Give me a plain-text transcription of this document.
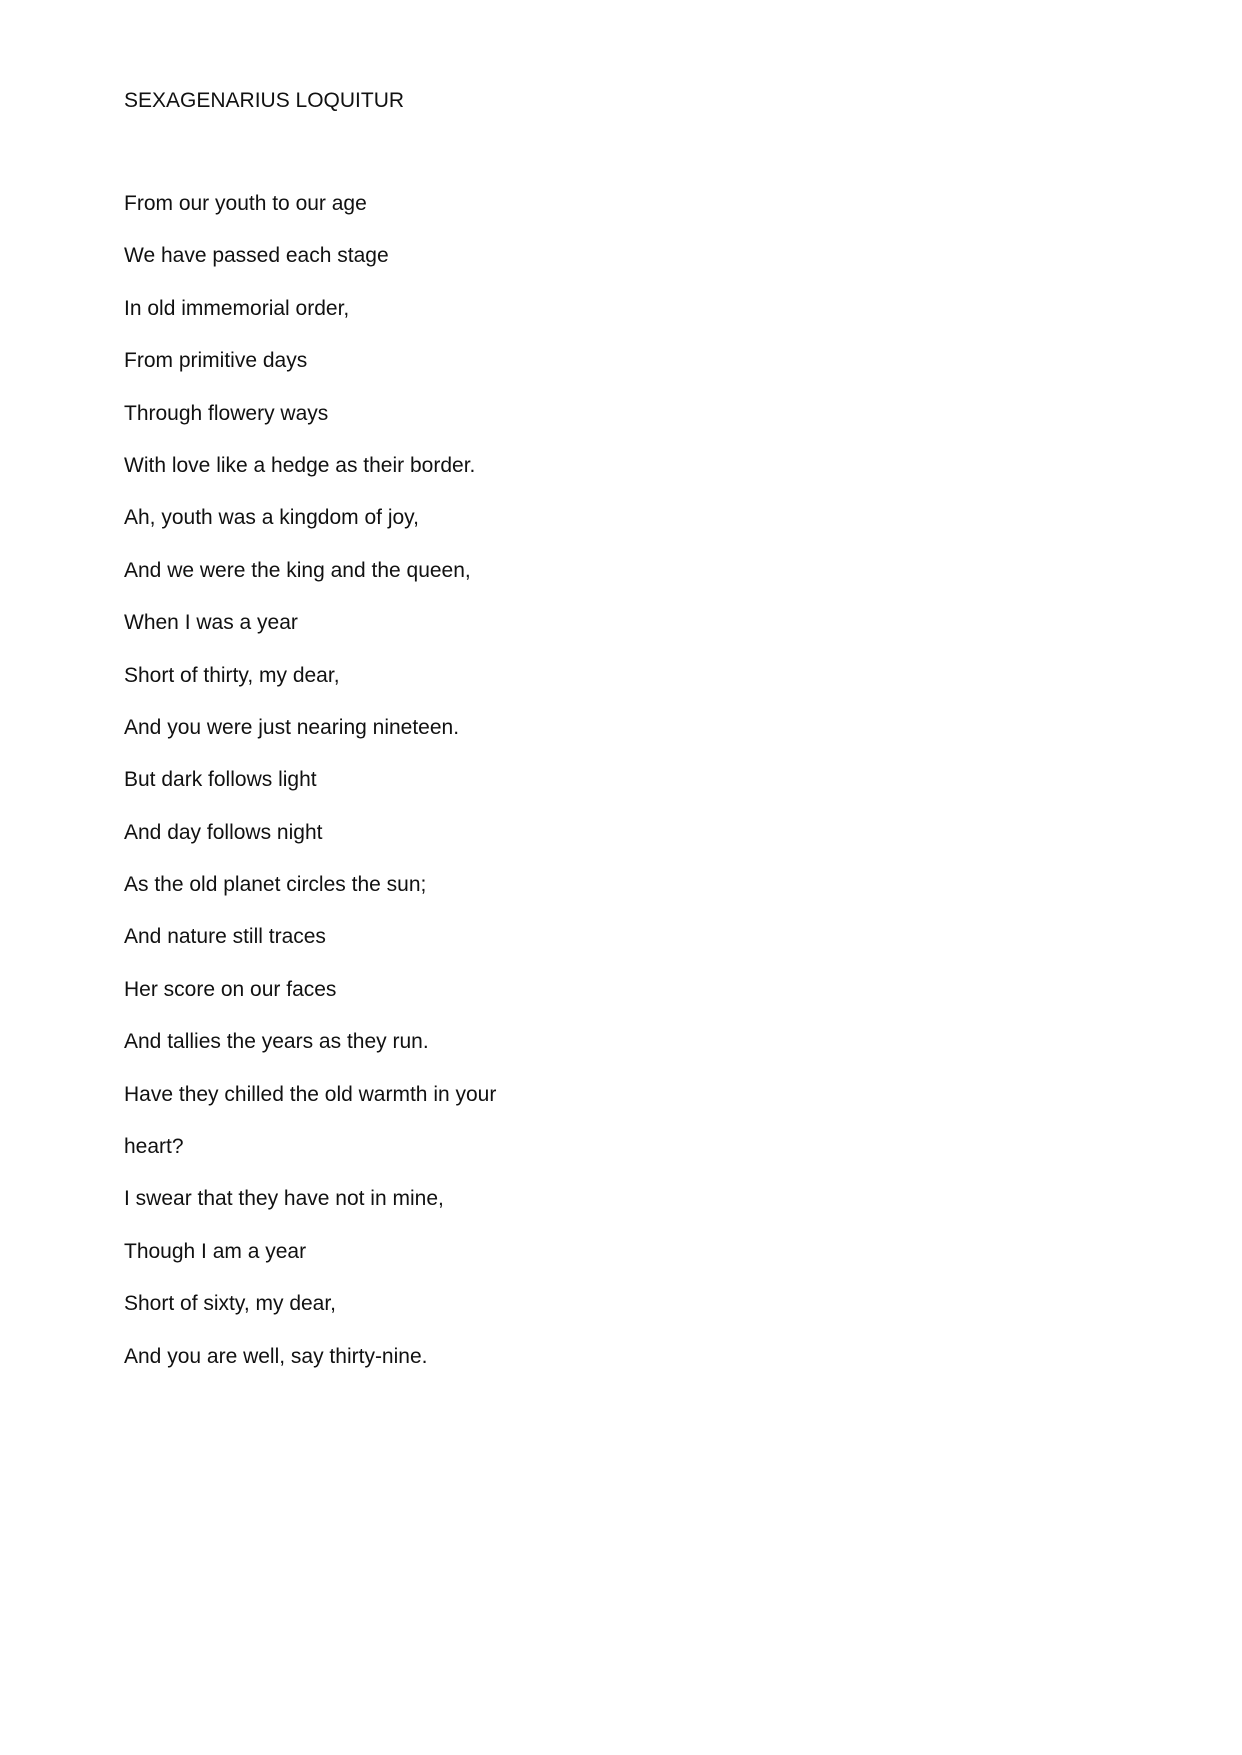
SEXAGENARIUS LOQUITUR
From our youth to our age
We have passed each stage
In old immemorial order,
From primitive days
Through flowery ways
With love like a hedge as their border.
Ah, youth was a kingdom of joy,
And we were the king and the queen,
When I was a year
Short of thirty, my dear,
And you were just nearing nineteen.
But dark follows light
And day follows night
As the old planet circles the sun;
And nature still traces
Her score on our faces
And tallies the years as they run.
Have they chilled the old warmth in your
heart?
I swear that they have not in mine,
Though I am a year
Short of sixty, my dear,
And you are well, say thirty-nine.
